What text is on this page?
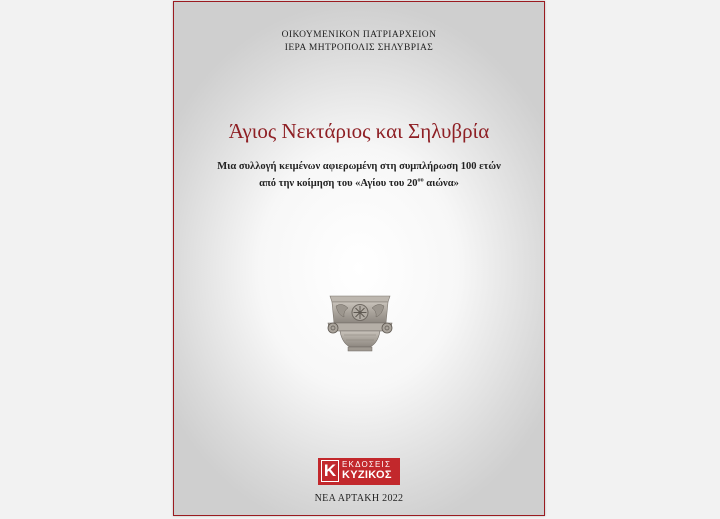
ΟΙΚΟΥΜΕΝΙΚΟΝ ΠΑΤΡΙΑΡΧΕΙΟΝ
ΙΕΡΑ ΜΗΤΡΟΠΟΛΙΣ ΣΗΛΥΒΡΙΑΣ
Άγιος Νεκτάριος και Σηλυβρία
Μια συλλογή κειμένων αφιερωμένη στη συμπλήρωση 100 ετών
από την κοίμηση του «Αγίου του $20^{o\upsilon}$ αιώνα»
K ΕΚΔΟΣΕΙΣ
ΚΥΖΙΚΟΣ
ΝΕΑ ΑΡΤΑΚΗ 2022
